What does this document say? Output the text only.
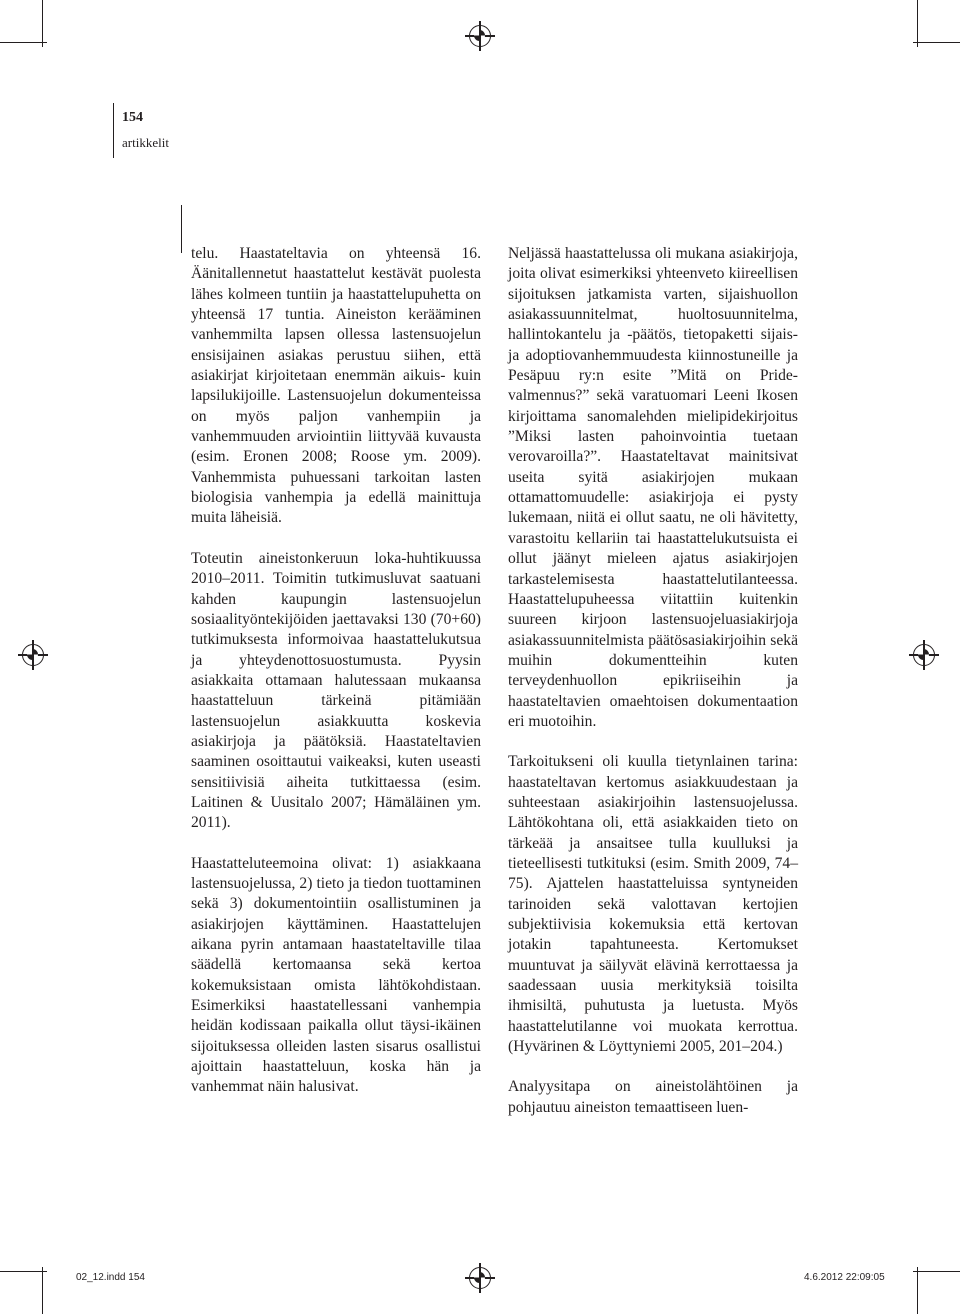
154
artikkelit

telu. Haastateltavia on yhteensä 16. Äänitallennetut haastattelut kestävät puolesta lähes kolmeen tuntiin ja haastattelupuhetta on yhteensä 17 tuntia. Aineiston kerääminen vanhemmilta lapsen ollessa lastensuojelun ensisijainen asiakas perustuu siihen, että asiakirjat kirjoitetaan enemmän aikuis- kuin lapsilukijoille. Lastensuojelun dokumenteissa on myös paljon vanhempiin ja vanhemmuuden arviointiin liittyvää kuvausta (esim. Eronen 2008; Roose ym. 2009). Vanhemmista puhuessani tarkoitan lasten biologisia vanhempia ja edellä mainittuja muita läheisiä.

Toteutin aineistonkeruun loka-huhtikuussa 2010–2011. Toimitin tutkimusluvat saatuani kahden kaupungin lastensuojelun sosiaalityöntekijöiden jaettavaksi 130 (70+60) tutkimuksesta informoivaa haastattelukutsua ja yhteydenottosuostumusta. Pyysin asiakkaita ottamaan halutessaan mukaansa haastatteluun tärkeinä pitämiään lastensuojelun asiakkuutta koskevia asiakirjoja ja päätöksiä. Haastateltavien saaminen osoittautui vaikeaksi, kuten useasti sensitiivisiä aiheita tutkittaessa (esim. Laitinen & Uusitalo 2007; Hämäläinen ym. 2011).

Haastatteluteemoina olivat: 1) asiakkaana lastensuojelussa, 2) tieto ja tiedon tuottaminen sekä 3) dokumentointiin osallistuminen ja asiakirjojen käyttäminen. Haastattelujen aikana pyrin antamaan haastateltaville tilaa säädellä kertomaansa sekä kertoa kokemuksistaan omista lähtökohdistaan. Esimerkiksi haastatellessani vanhempia heidän kodissaan paikalla ollut täysi-ikäinen sijoituksessa olleiden lasten sisarus osallistui ajoittain haastatteluun, koska hän ja vanhemmat näin halusivat.

Neljässä haastattelussa oli mukana asiakirjoja, joita olivat esimerkiksi yhteenveto kiireellisen sijoituksen jatkamista varten, sijaishuollon asiakassuunnitelmat, huoltosuunnitelma, hallintokantelu ja -päätös, tietopaketti sijais- ja adoptiovanhemmuudesta kiinnostuneille ja Pesäpuu ry:n esite ”Mitä on Pride-valmennus?” sekä varatuomari Leeni Ikosen kirjoittama sanomalehden mielipidekirjoitus ”Miksi lasten pahoinvointia tuetaan verovaroilla?”. Haastateltavat mainitsivat useita syitä asiakirjojen mukaan ottamattomuudelle: asiakirjoja ei pysty lukemaan, niitä ei ollut saatu, ne oli hävitetty, varastoitu kellariin tai haastattelukutsuista ei ollut jäänyt mieleen ajatus asiakirjojen tarkastelemisesta haastattelutilanteessa. Haastattelupuheessa viitattiin kuitenkin suureen kirjoon lastensuojeluasiakirjoja asiakassuunnitelmista päätösasiakirjoihin sekä muihin dokumentteihin kuten terveydenhuollon epikriiseihin ja haastateltavien omaehtoisen dokumentaation eri muotoihin.

Tarkoitukseni oli kuulla tietynlainen tarina: haastateltavan kertomus asiakkuudestaan ja suhteestaan asiakirjoihin lastensuojelussa. Lähtökohtana oli, että asiakkaiden tieto on tärkeää ja ansaitsee tulla kuulluksi ja tieteellisesti tutkituksi (esim. Smith 2009, 74–75). Ajattelen haastatteluissa syntyneiden tarinoiden sekä valottavan kertojien subjektiivisia kokemuksia että kertovan jotakin tapahtuneesta. Kertomukset muuntuvat ja säilyvät elävinä kerrottaessa ja saadessaan uusia merkityksiä toisilta ihmisiltä, puhutusta ja luetusta. Myös haastattelutilanne voi muokata kerrottua. (Hyvärinen & Löyttyniemi 2005, 201–204.)

Analyysitapa on aineistolähtöinen ja pohjautuu aineiston temaattiseen luen-

02_12.indd 154	4.6.2012 22:09:05
